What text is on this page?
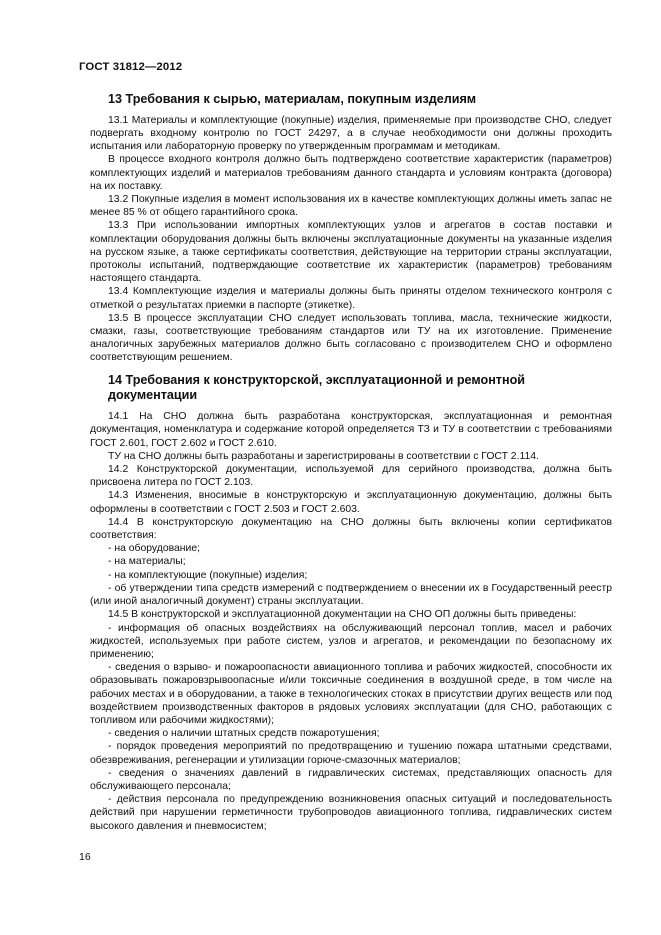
ГОСТ 31812—2012
13 Требования к сырью, материалам, покупным изделиям

13.1 Материалы и комплектующие (покупные) изделия, применяемые при производстве СНО, следует подвергать входному контролю по ГОСТ 24297, а в случае необходимости они должны проходить испытания или лабораторную проверку по утвержденным программам и методикам.

В процессе входного контроля должно быть подтверждено соответствие характеристик (параметров) комплектующих изделий и материалов требованиям данного стандарта и условиям контракта (договора) на их поставку.

13.2 Покупные изделия в момент использования их в качестве комплектующих должны иметь запас не менее 85 % от общего гарантийного срока.

13.3 При использовании импортных комплектующих узлов и агрегатов в состав поставки и комплектации оборудования должны быть включены эксплуатационные документы на указанные изделия на русском языке, а также сертификаты соответствия, действующие на территории страны эксплуатации, протоколы испытаний, подтверждающие соответствие их характеристик (параметров) требованиям настоящего стандарта.

13.4 Комплектующие изделия и материалы должны быть приняты отделом технического контроля с отметкой о результатах приемки в паспорте (этикетке).

13.5 В процессе эксплуатации СНО следует использовать топлива, масла, технические жидкости, смазки, газы, соответствующие требованиям стандартов или ТУ на их изготовление. Применение аналогичных зарубежных материалов должно быть согласовано с производителем СНО и оформлено соответствующим решением.

14 Требования к конструкторской, эксплуатационной и ремонтной документации

14.1 На СНО должна быть разработана конструкторская, эксплуатационная и ремонтная документация, номенклатура и содержание которой определяется ТЗ и ТУ в соответствии с требованиями ГОСТ 2.601, ГОСТ 2.602 и ГОСТ 2.610.

ТУ на СНО должны быть разработаны и зарегистрированы в соответствии с ГОСТ 2.114.

14.2 Конструкторской документации, используемой для серийного производства, должна быть присвоена литера по ГОСТ 2.103.

14.3 Изменения, вносимые в конструкторскую и эксплуатационную документацию, должны быть оформлены в соответствии с ГОСТ 2.503 и ГОСТ 2.603.

14.4 В конструкторскую документацию на СНО должны быть включены копии сертификатов соответствия:

- на оборудование;

- на материалы;

- на комплектующие (покупные) изделия;

- об утверждении типа средств измерений с подтверждением о внесении их в Государственный реестр (или иной аналогичный документ) страны эксплуатации.

14.5 В конструкторской и эксплуатационной документации на СНО ОП должны быть приведены:

- информация об опасных воздействиях на обслуживающий персонал топлив, масел и рабочих жидкостей, используемых при работе систем, узлов и агрегатов, и рекомендации по безопасному их применению;

- сведения о взрыво- и пожароопасности авиационного топлива и рабочих жидкостей, способности их образовывать пожаровзрывоопасные и/или токсичные соединения в воздушной среде, в том числе на рабочих местах и в оборудовании, а также в технологических стоках в присутствии других веществ или под воздействием производственных факторов в рядовых условиях эксплуатации (для СНО, работающих с топливом или рабочими жидкостями);

- сведения о наличии штатных средств пожаротушения;

- порядок проведения мероприятий по предотвращению и тушению пожара штатными средствами, обезвреживания, регенерации и утилизации горюче-смазочных материалов;

- сведения о значениях давлений в гидравлических системах, представляющих опасность для обслуживающего персонала;

- действия персонала по предупреждению возникновения опасных ситуаций и последовательность действий при нарушении герметичности трубопроводов авиационного топлива, гидравлических систем высокого давления и пневмосистем;

16
